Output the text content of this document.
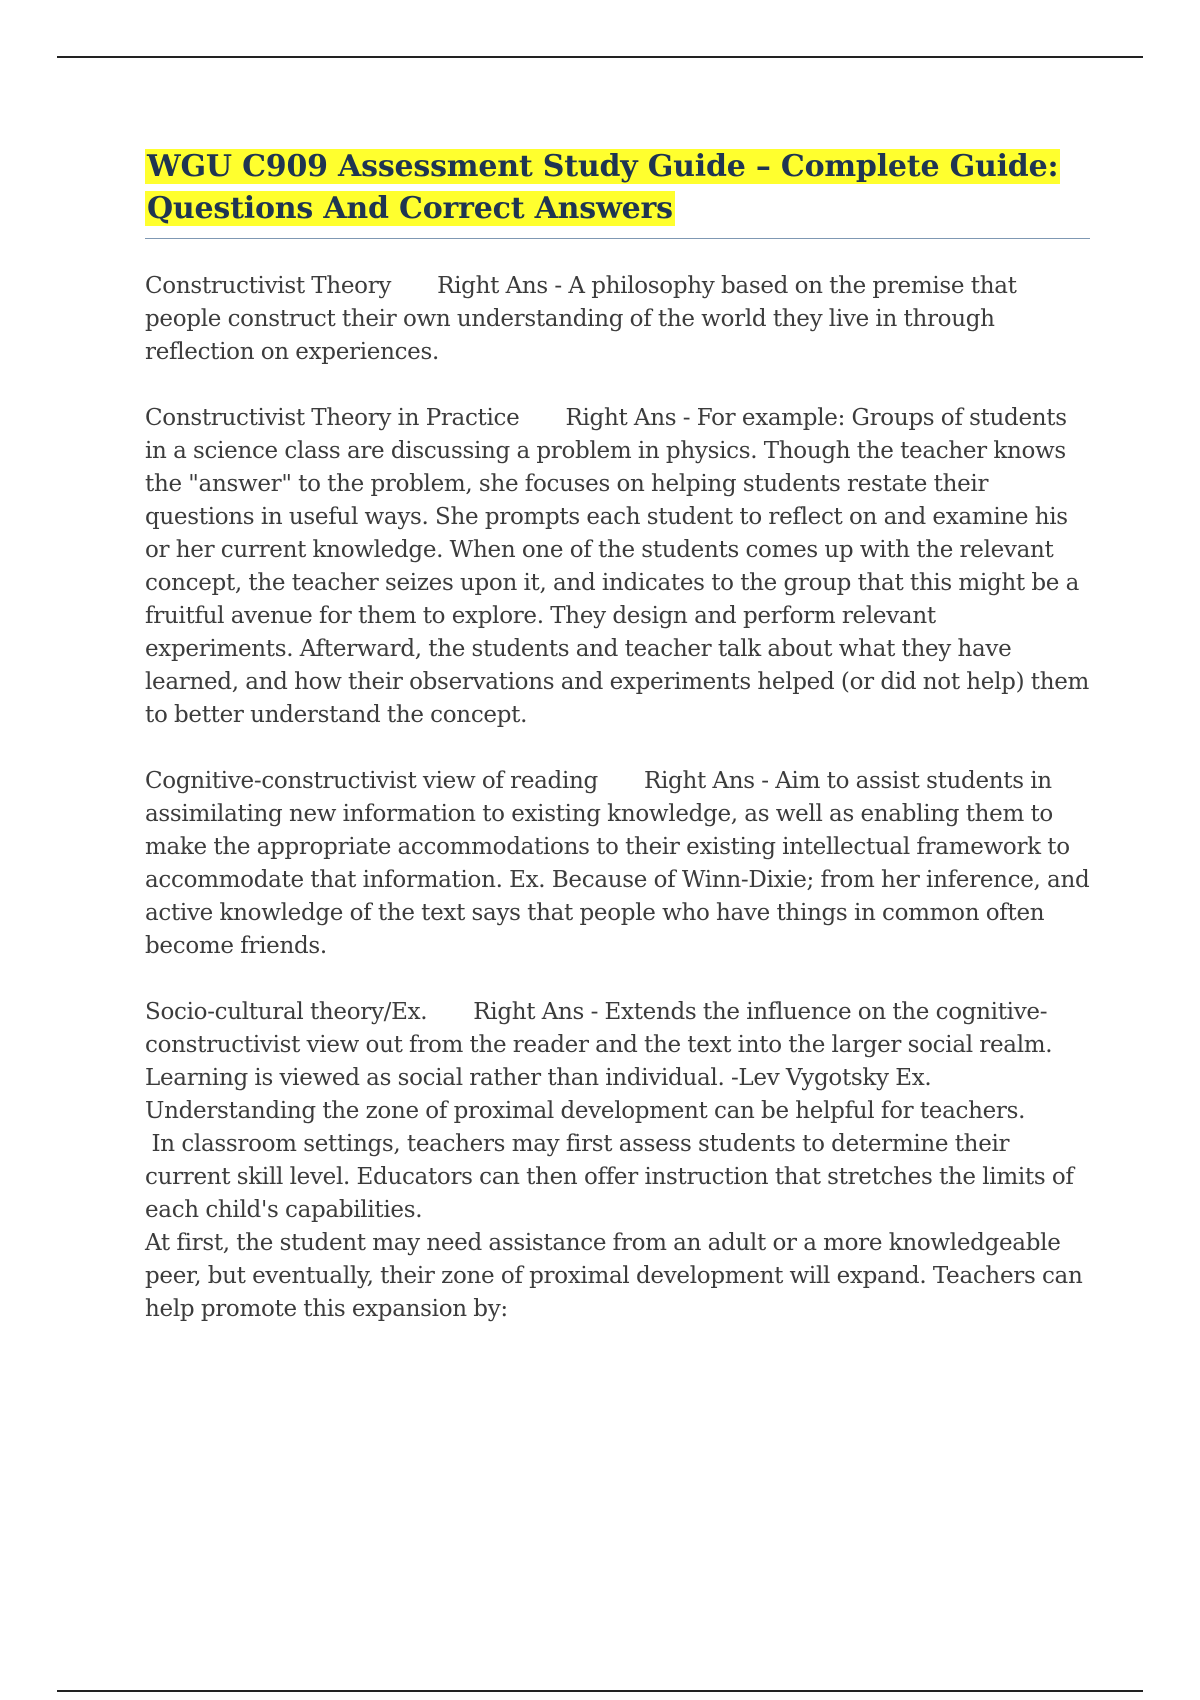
WGU C909 Assessment Study Guide – Complete Guide: Questions And Correct Answers

Constructivist Theory Right Ans - A philosophy based on the premise that people construct their own understanding of the world they live in through reflection on experiences.

Constructivist Theory in Practice Right Ans - For example: Groups of students in a science class are discussing a problem in physics. Though the teacher knows the "answer" to the problem, she focuses on helping students restate their questions in useful ways. She prompts each student to reflect on and examine his or her current knowledge. When one of the students comes up with the relevant concept, the teacher seizes upon it, and indicates to the group that this might be a fruitful avenue for them to explore. They design and perform relevant experiments. Afterward, the students and teacher talk about what they have learned, and how their observations and experiments helped (or did not help) them to better understand the concept.

Cognitive-constructivist view of reading Right Ans - Aim to assist students in assimilating new information to existing knowledge, as well as enabling them to make the appropriate accommodations to their existing intellectual framework to accommodate that information. Ex. Because of Winn-Dixie; from her inference, and active knowledge of the text says that people who have things in common often become friends.

Socio-cultural theory/Ex. Right Ans - Extends the influence on the cognitive-constructivist view out from the reader and the text into the larger social realm. Learning is viewed as social rather than individual. -Lev Vygotsky Ex. Understanding the zone of proximal development can be helpful for teachers.
In classroom settings, teachers may first assess students to determine their current skill level. Educators can then offer instruction that stretches the limits of each child's capabilities.
At first, the student may need assistance from an adult or a more knowledgeable peer, but eventually, their zone of proximal development will expand. Teachers can help promote this expansion by:
